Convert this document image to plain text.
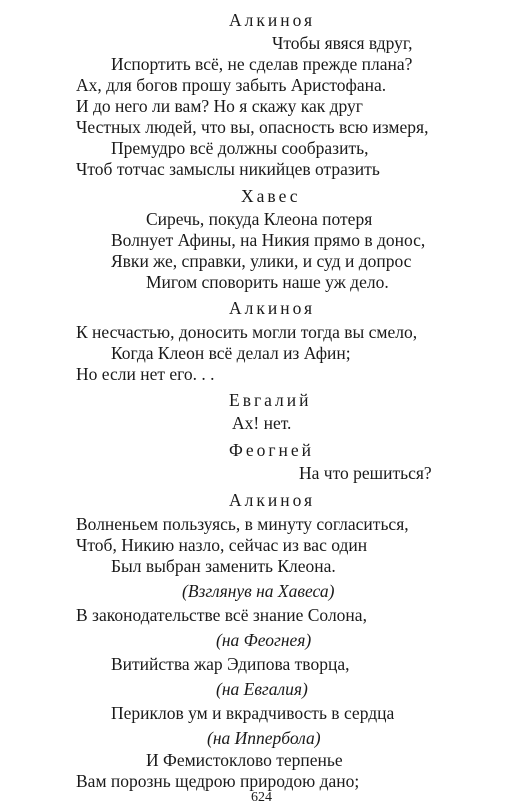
Алкиноя
Чтобы явяся вдруг,
Испортить всё, не сделав прежде плана?
Ах, для богов прошу забыть Аристофана.
И до него ли вам? Но я скажу как друг
Честных людей, что вы, опасность всю измеря,
Премудро всё должны сообразить,
Чтоб тотчас замыслы никийцев отразить
Хавес
Сиречь, покуда Клеона потеря
Волнует Афины, на Никия прямо в донос,
Явки же, справки, улики, и суд и допрос
Мигом споворить наше уж дело.
Алкиноя
К несчастью, доносить могли тогда вы смело,
Когда Клеон всё делал из Афин;
Но если нет его. . .
Евгалий
Ах! нет.
Феогней
На что решиться?
Алкиноя
Волненьем пользуясь, в минуту согласиться,
Чтоб, Никию назло, сейчас из вас один
Был выбран заменить Клеона.
(Взглянув на Хавеса)
В законодательстве всё знание Солона,
(на Феогнея)
Витийства жар Эдипова творца,
(на Евгалия)
Периклов ум и вкрадчивость в сердца
(на Иппербола)
И Фемистоклово терпенье
Вам порознь щедрою природою дано;
624
